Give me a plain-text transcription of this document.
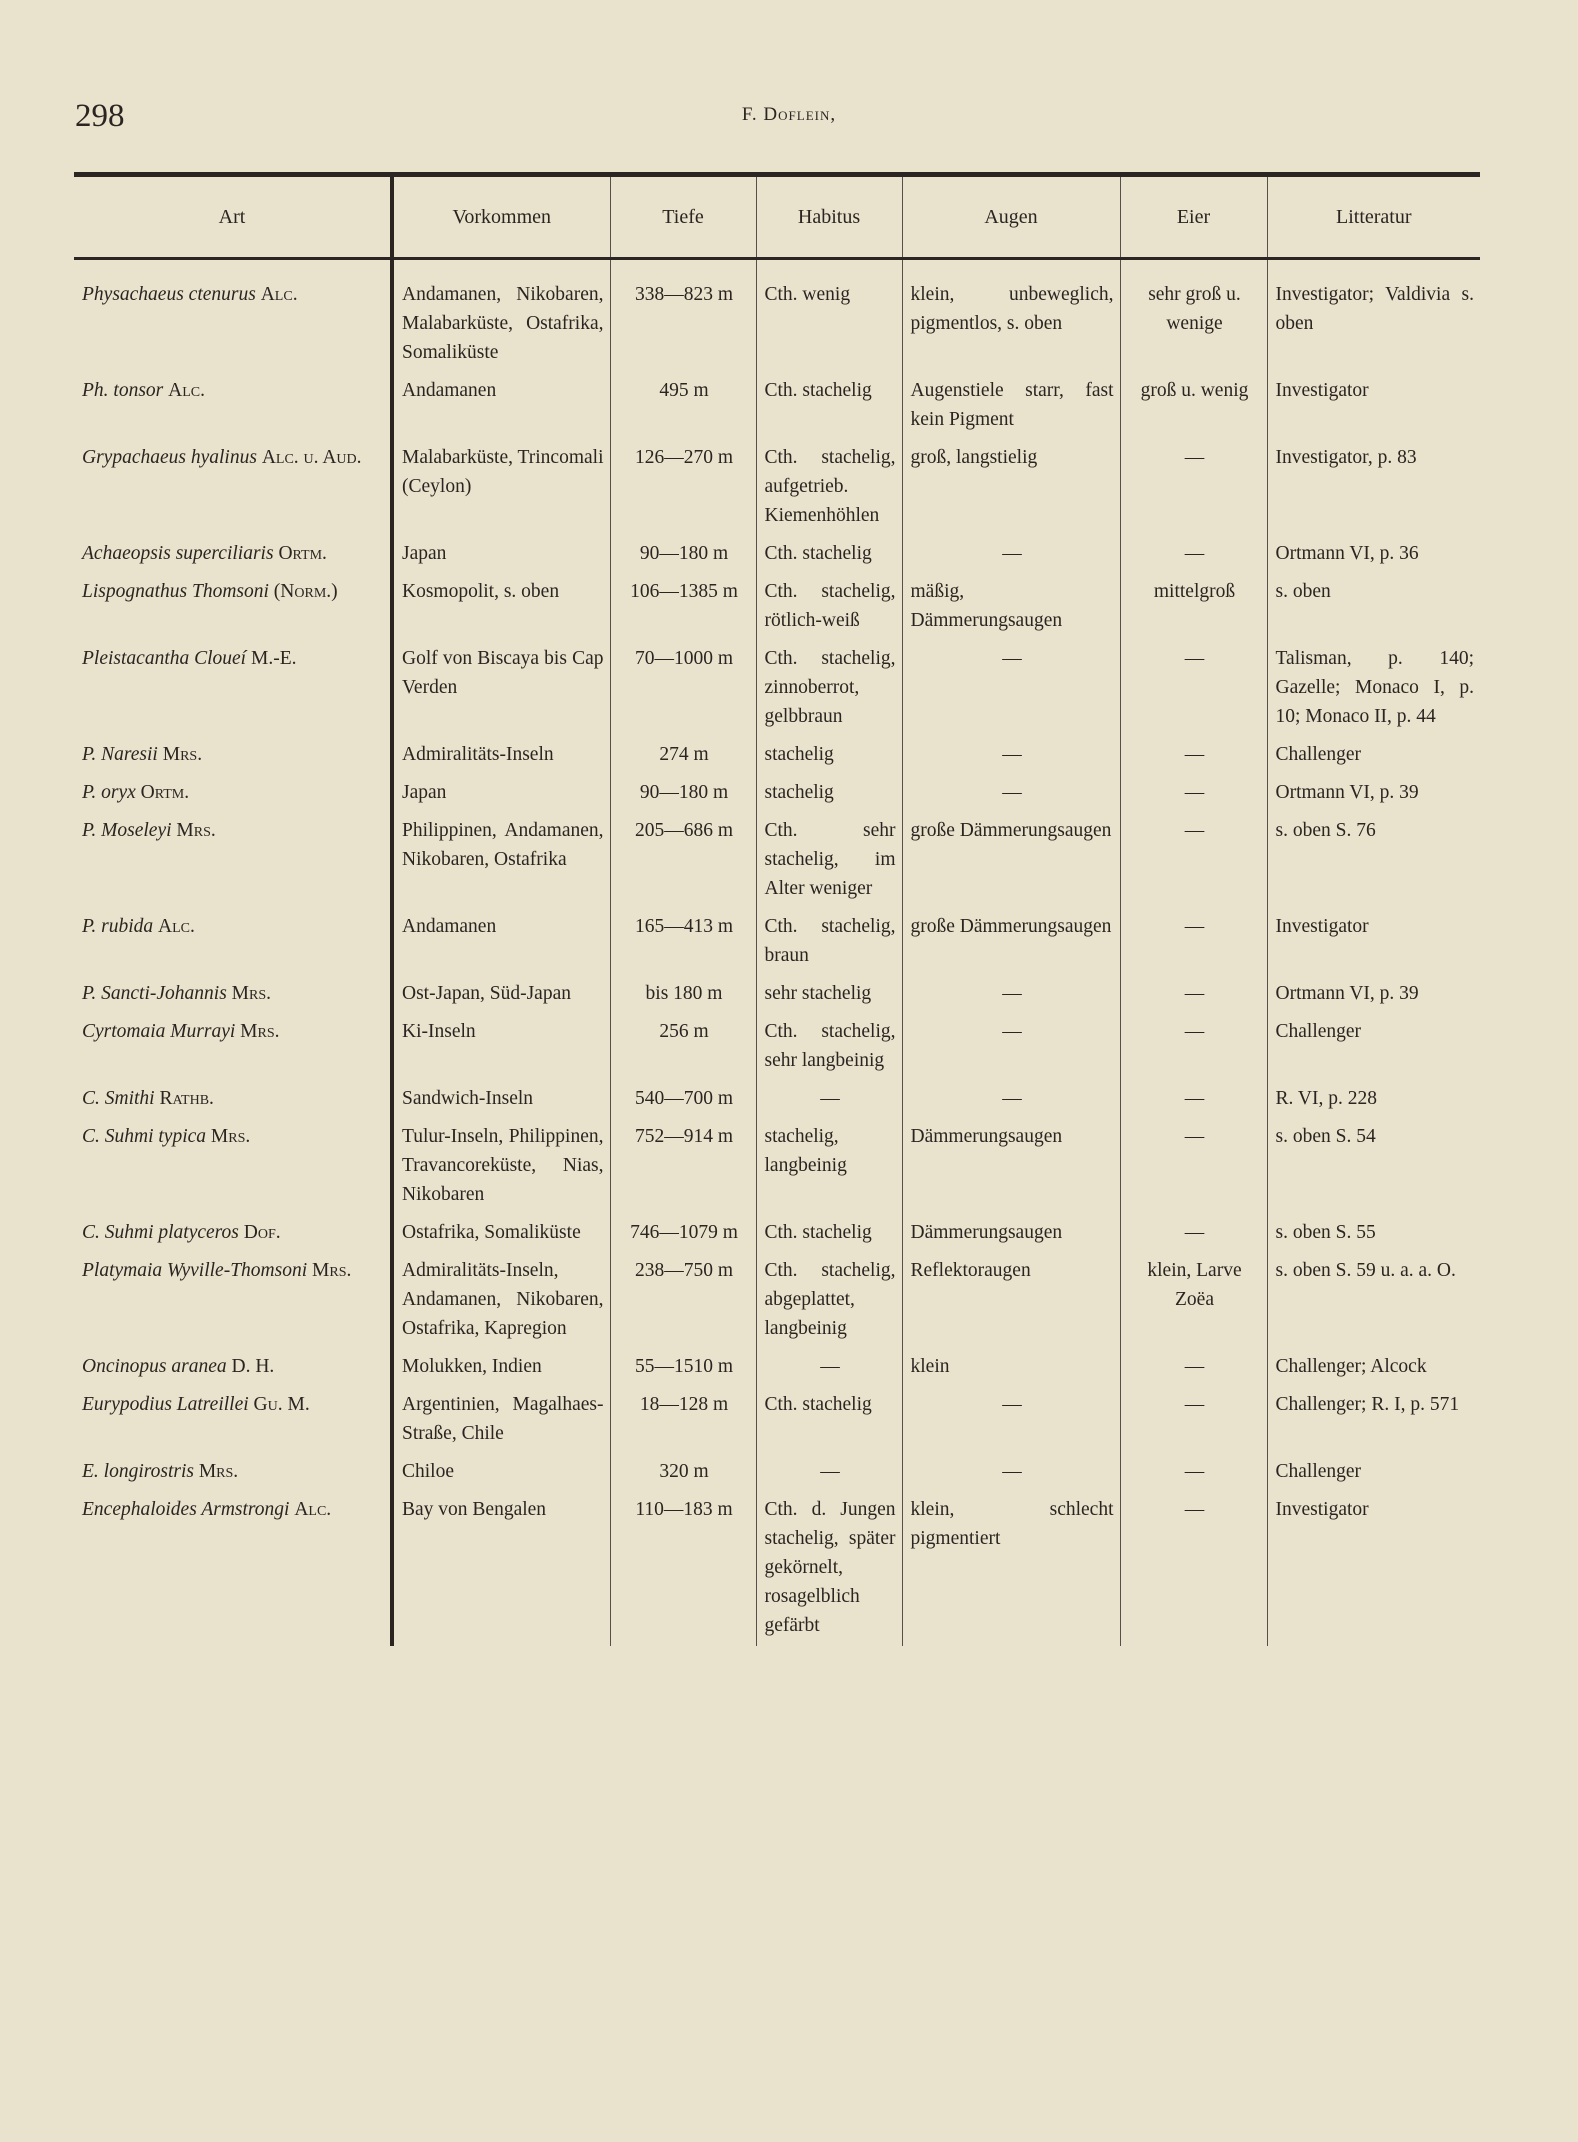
298	F. Doflein,
Art	Vorkommen	Tiefe	Habitus	Augen	Eier	Litteratur

Physachaeus ctenurus Alc.	Andamanen, Nikobaren, Malabarküste, Ostafrika, Somaliküste	338—823 m	Cth. wenig	klein, unbeweglich, pigmentlos, s. oben	sehr groß u. wenige	Investigator; Valdivia s. oben

Ph. tonsor Alc.	Andamanen	495 m	Cth. stachelig	Augenstiele starr, fast kein Pigment	groß u. wenig	Investigator

Grypachaeus hyalinus Alc. u. Aud.	Malabarküste, Trincomali (Ceylon)	126—270 m	Cth. stachelig, aufgetrieb. Kiemenhöhlen	groß, langstielig	—	Investigator, p. 83

Achaeopsis superciliaris Ortm.	Japan	90—180 m	Cth. stachelig	—	—	Ortmann VI, p. 36

Lispognathus Thomsoni (Norm.)	Kosmopolit, s. oben	106—1385 m	Cth. stachelig, rötlich-weiß	mäßig, Dämmerungsaugen	mittelgroß	s. oben

Pleistacantha Cloueí M.-E.	Golf von Biscaya bis Cap Verden	70—1000 m	Cth. stachelig, zinnoberrot, gelbbraun	—	—	Talisman, p. 140; Gazelle; Monaco I, p. 10; Monaco II, p. 44

P. Naresii Mrs.	Admiralitäts-Inseln	274 m	stachelig	—	—	Challenger

P. oryx Ortm.	Japan	90—180 m	stachelig	—	—	Ortmann VI, p. 39

P. Moseleyi Mrs.	Philippinen, Andamanen, Nikobaren, Ostafrika	205—686 m	Cth. sehr stachelig, im Alter weniger	große Dämmerungsaugen	—	s. oben S. 76

P. rubida Alc.	Andamanen	165—413 m	Cth. stachelig, braun	große Dämmerungsaugen	—	Investigator

P. Sancti-Johannis Mrs.	Ost-Japan, Süd-Japan	bis 180 m	sehr stachelig	—	—	Ortmann VI, p. 39

Cyrtomaia Murrayi Mrs.	Ki-Inseln	256 m	Cth. stachelig, sehr langbeinig	—	—	Challenger

C. Smithi Rathb.	Sandwich-Inseln	540—700 m	—	—	—	R. VI, p. 228

C. Suhmi typica Mrs.	Tulur-Inseln, Philippinen, Travancoreküste, Nias, Nikobaren	752—914 m	stachelig, langbeinig	Dämmerungsaugen	—	s. oben S. 54

C. Suhmi platyceros Dof.	Ostafrika, Somaliküste	746—1079 m	Cth. stachelig	Dämmerungsaugen	—	s. oben S. 55

Platymaia Wyville-Thomsoni Mrs.	Admiralitäts-Inseln, Andamanen, Nikobaren, Ostafrika, Kapregion	238—750 m	Cth. stachelig, abgeplattet, langbeinig	Reflektoraugen	klein, Larve Zoëa	s. oben S. 59 u. a. a. O.

Oncinopus aranea D. H.	Molukken, Indien	55—1510 m	—	klein	—	Challenger; Alcock

Eurypodius Latreillei Gu. M.	Argentinien, Magalhaes-Straße, Chile	18—128 m	Cth. stachelig	—	—	Challenger; R. I, p. 571

E. longirostris Mrs.	Chiloe	320 m	—	—	—	Challenger

Encephaloides Armstrongi Alc.	Bay von Bengalen	110—183 m	Cth. d. Jungen stachelig, später gekörnelt, rosagelblich gefärbt	klein, schlecht pigmentiert	—	Investigator
